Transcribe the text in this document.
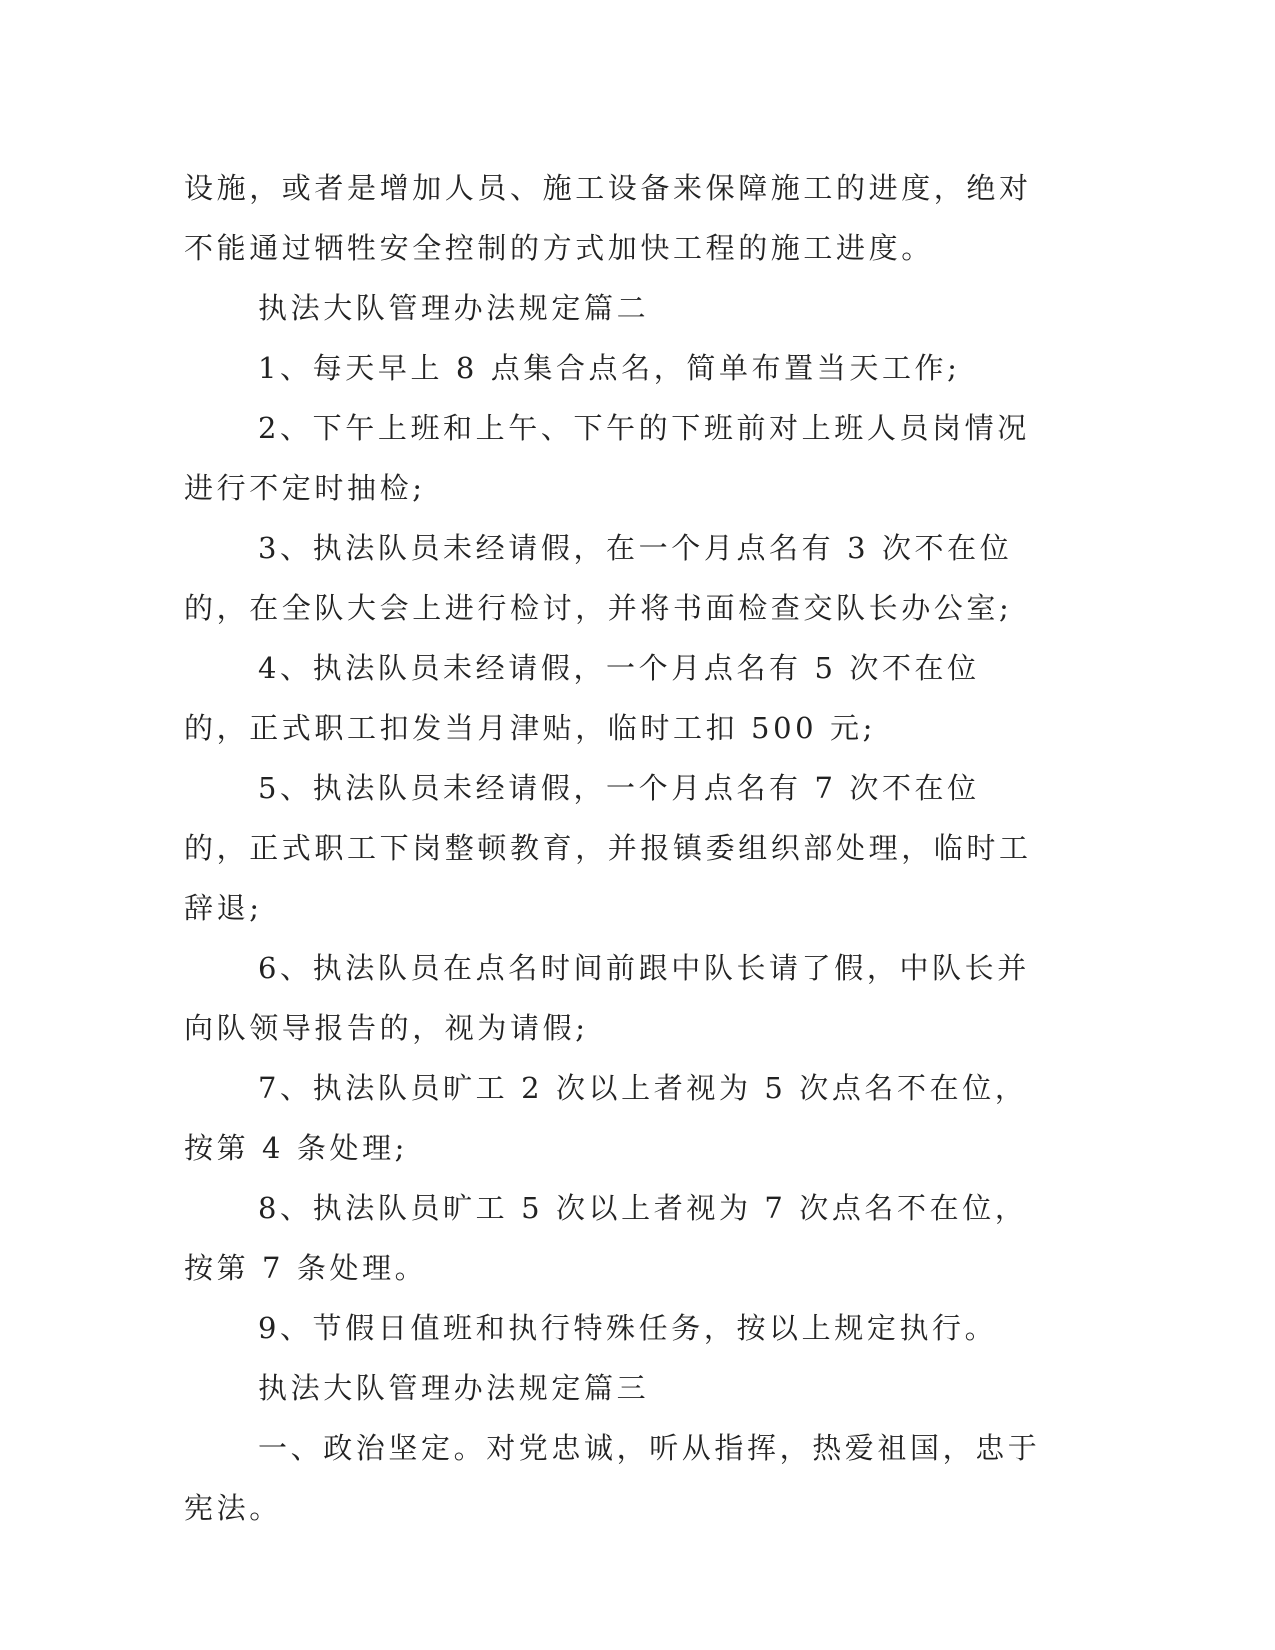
设施，或者是增加人员、施工设备来保障施工的进度，绝对不能通过牺牲安全控制的方式加快工程的施工进度。

执法大队管理办法规定篇二

1、每天早上 8 点集合点名，简单布置当天工作;

2、下午上班和上午、下午的下班前对上班人员岗情况进行不定时抽检;

3、执法队员未经请假，在一个月点名有 3 次不在位的，在全队大会上进行检讨，并将书面检查交队长办公室;

4、执法队员未经请假，一个月点名有 5 次不在位的，正式职工扣发当月津贴，临时工扣 500 元;

5、执法队员未经请假，一个月点名有 7 次不在位的，正式职工下岗整顿教育，并报镇委组织部处理，临时工辞退;

6、执法队员在点名时间前跟中队长请了假，中队长并向队领导报告的，视为请假;

7、执法队员旷工 2 次以上者视为 5 次点名不在位，按第 4 条处理;

8、执法队员旷工 5 次以上者视为 7 次点名不在位，按第 7 条处理。

9、节假日值班和执行特殊任务，按以上规定执行。

执法大队管理办法规定篇三

一、政治坚定。对党忠诚，听从指挥，热爱祖国，忠于宪法。
